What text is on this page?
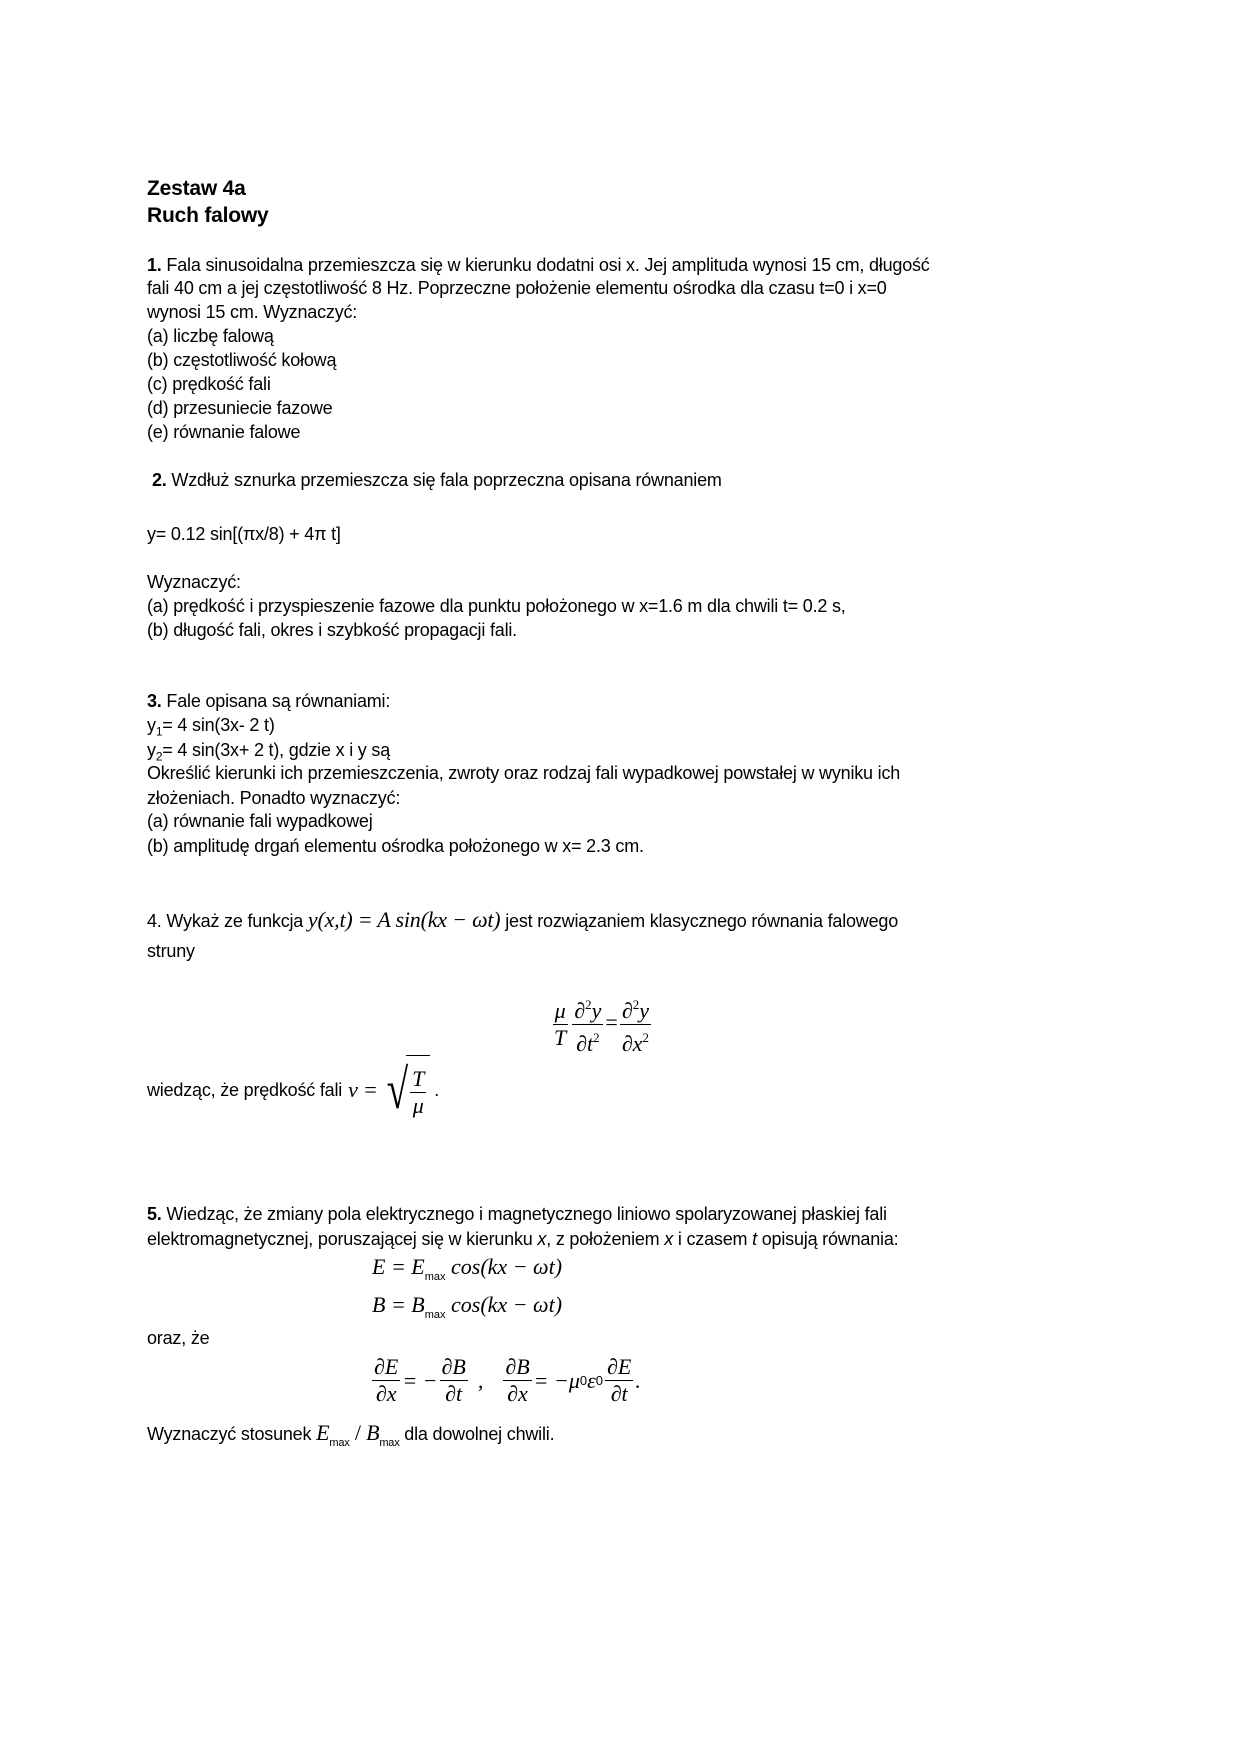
Zestaw 4a
Ruch falowy
1. Fala sinusoidalna przemieszcza się w kierunku dodatni osi x. Jej amplituda wynosi 15 cm, długość
fali 40 cm a jej częstotliwość 8 Hz. Poprzeczne położenie elementu ośrodka dla czasu t=0 i x=0
wynosi 15 cm. Wyznaczyć:
(a) liczbę falową
(b) częstotliwość kołową
(c) prędkość fali
(d) przesuniecie fazowe
(e) równanie falowe
2. Wzdłuż sznurka przemieszcza się fala poprzeczna opisana równaniem
y= 0.12 sin[(πx/8) + 4π t]
Wyznaczyć:
(a) prędkość i przyspieszenie fazowe dla punktu położonego w x=1.6 m dla chwili t= 0.2 s,
(b) długość fali, okres i szybkość propagacji fali.
3. Fale opisana są równaniami:
$y_1= 4$ sin(3x- 2 t)
$y_2= 4$ sin(3x+ 2 t), gdzie x i y są
Określić kierunki ich przemieszczenia, zwroty oraz rodzaj fali wypadkowej powstałej w wyniku ich
złożeniach. Ponadto wyznaczyć:
(a) równanie fali wypadkowej
(b) amplitudę drgań elementu ośrodka położonego w x= 2.3 cm.
4. Wykaż ze funkcja y(x,t) = A sin(kx − ωt) jest rozwiązaniem klasycznego równania falowego
struny
$\frac{\mu}{T} \frac{\partial^2y}{\partial t^2} = \frac{\partial^2y}{\partial x^2}$
wiedząc, że prędkość fali v = √ $\frac{T}{\mu}$ .
5. Wiedząc, że zmiany pola elektrycznego i magnetycznego liniowo spolaryzowanej płaskiej fali
elektromagnetycznej, poruszającej się w kierunku x, z położeniem x i czasem t opisują równania:
$E = E_{max}$ cos(kx − ωt)
$B = B_{max}$ cos(kx − ωt)
oraz, że
$\frac{\partial E}{\partial x}$ = − $\frac{\partial B}{\partial t}$ , $\frac{\partial B}{\partial x}$ = − μ 0 ε $0 \frac{\partial E}{\partial t}$ .
Wyznaczyć stosunek $E_{max} / B_{max}$ dla dowolnej chwili.
